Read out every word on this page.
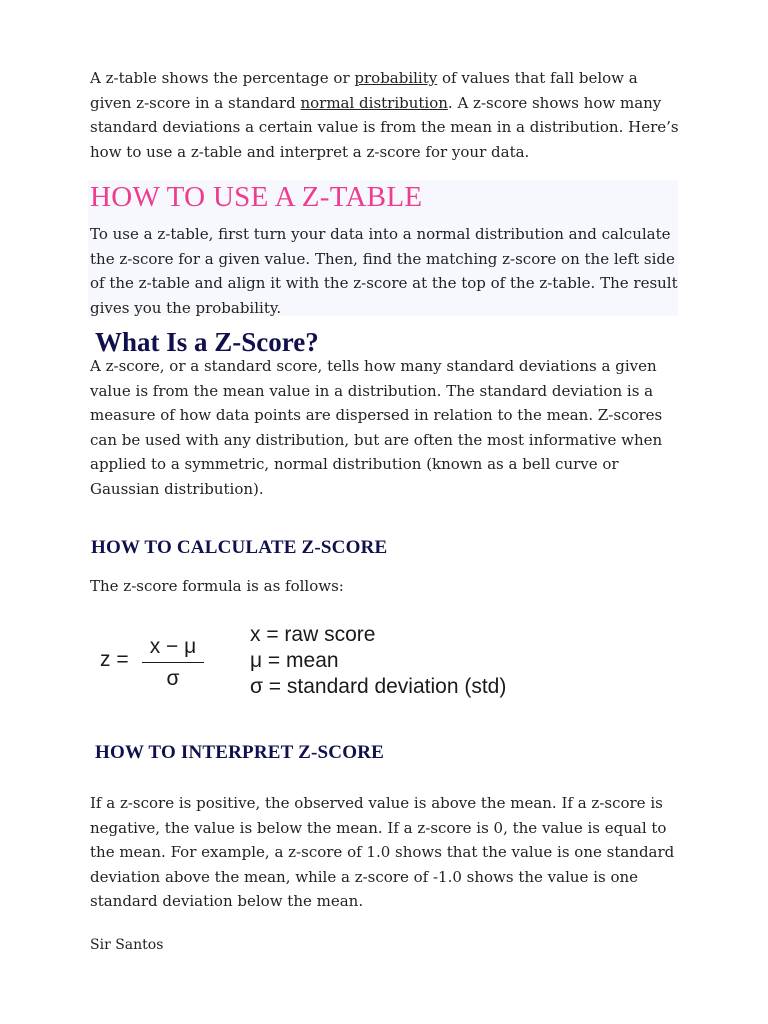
A z-table shows the percentage or probability of values that fall below a given z-score in a standard normal distribution. A z-score shows how many standard deviations a certain value is from the mean in a distribution. Here’s how to use a z-table and interpret a z-score for your data.

HOW TO USE A Z-TABLE

To use a z-table, first turn your data into a normal distribution and calculate the z-score for a given value. Then, find the matching z-score on the left side of the z-table and align it with the z-score at the top of the z-table. The result gives you the probability.

What Is a Z-Score?

A z-score, or a standard score, tells how many standard deviations a given value is from the mean value in a distribution. The standard deviation is a measure of how data points are dispersed in relation to the mean. Z-scores can be used with any distribution, but are often the most informative when applied to a symmetric, normal distribution (known as a bell curve or Gaussian distribution).

HOW TO CALCULATE Z-SCORE

The z-score formula is as follows:

z =
x − μ
σ
x = raw score
μ = mean
σ = standard deviation (std)
HOW TO INTERPRET Z-SCORE

If a z-score is positive, the observed value is above the mean. If a z-score is negative, the value is below the mean. If a z-score is 0, the value is equal to the mean. For example, a z-score of 1.0 shows that the value is one standard deviation above the mean, while a z-score of -1.0 shows the value is one standard deviation below the mean.

Sir Santos
